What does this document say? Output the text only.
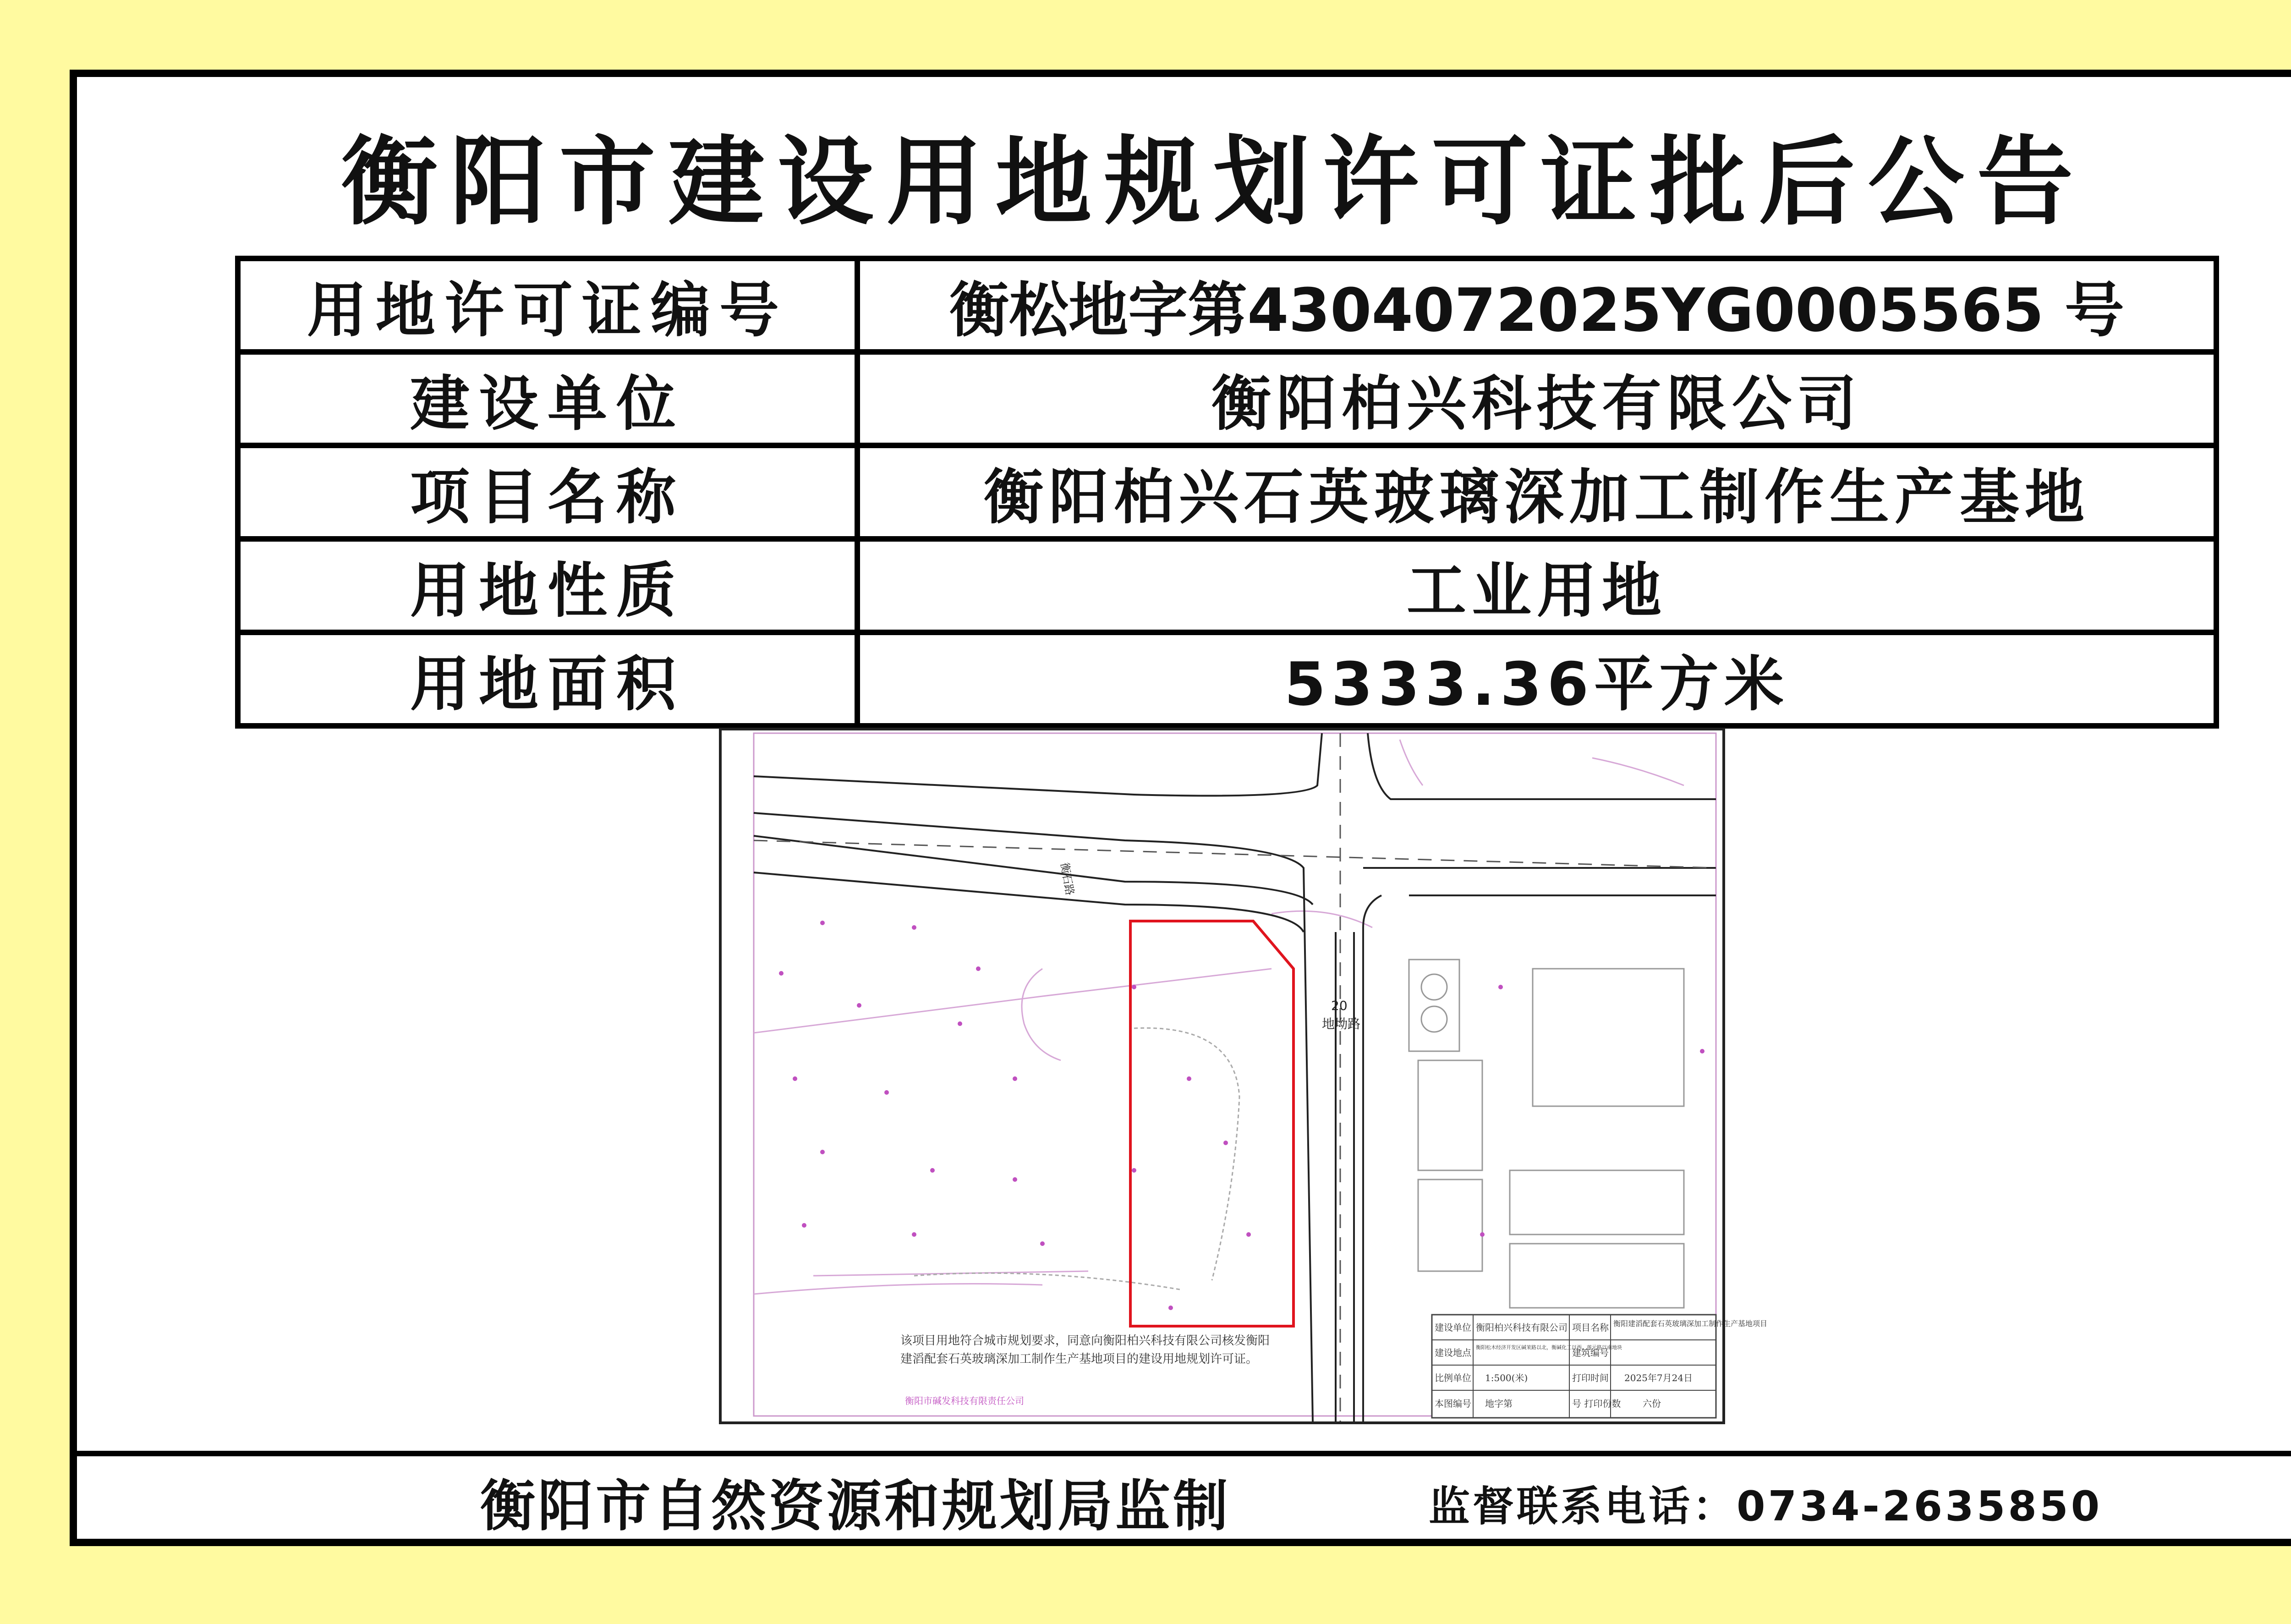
衡阳市建设用地规划许可证批后公告
用地许可证编号	衡松地字第4304072025YG0005565 号
建设单位	衡阳柏兴科技有限公司
项目名称	衡阳柏兴石英玻璃深加工制作生产基地
用地性质	工业用地
用地面积	5333.36平方米
20
地坳路
衡石路
该项目用地符合城市规划要求，同意向衡阳柏兴科技有限公司核发衡阳
建滔配套石英玻璃深加工制作生产基地项目的建设用地规划许可证。
衡阳市碱发科技有限责任公司
建设单位 衡阳柏兴科技有限公司 项目名称 衡阳建滔配套石英玻璃深加工制作生产基地项目
建设地点 衡阳松木经济开发区碱茉路以北，衡碱化工以西，莲元路以南地块
建筑编号
比例单位 1:500(米)	打印时间 2025年7月24日
本图编号 地字第	号 打印份数 六份
衡阳市自然资源和规划局监制	监督联系电话：0734-2635850
